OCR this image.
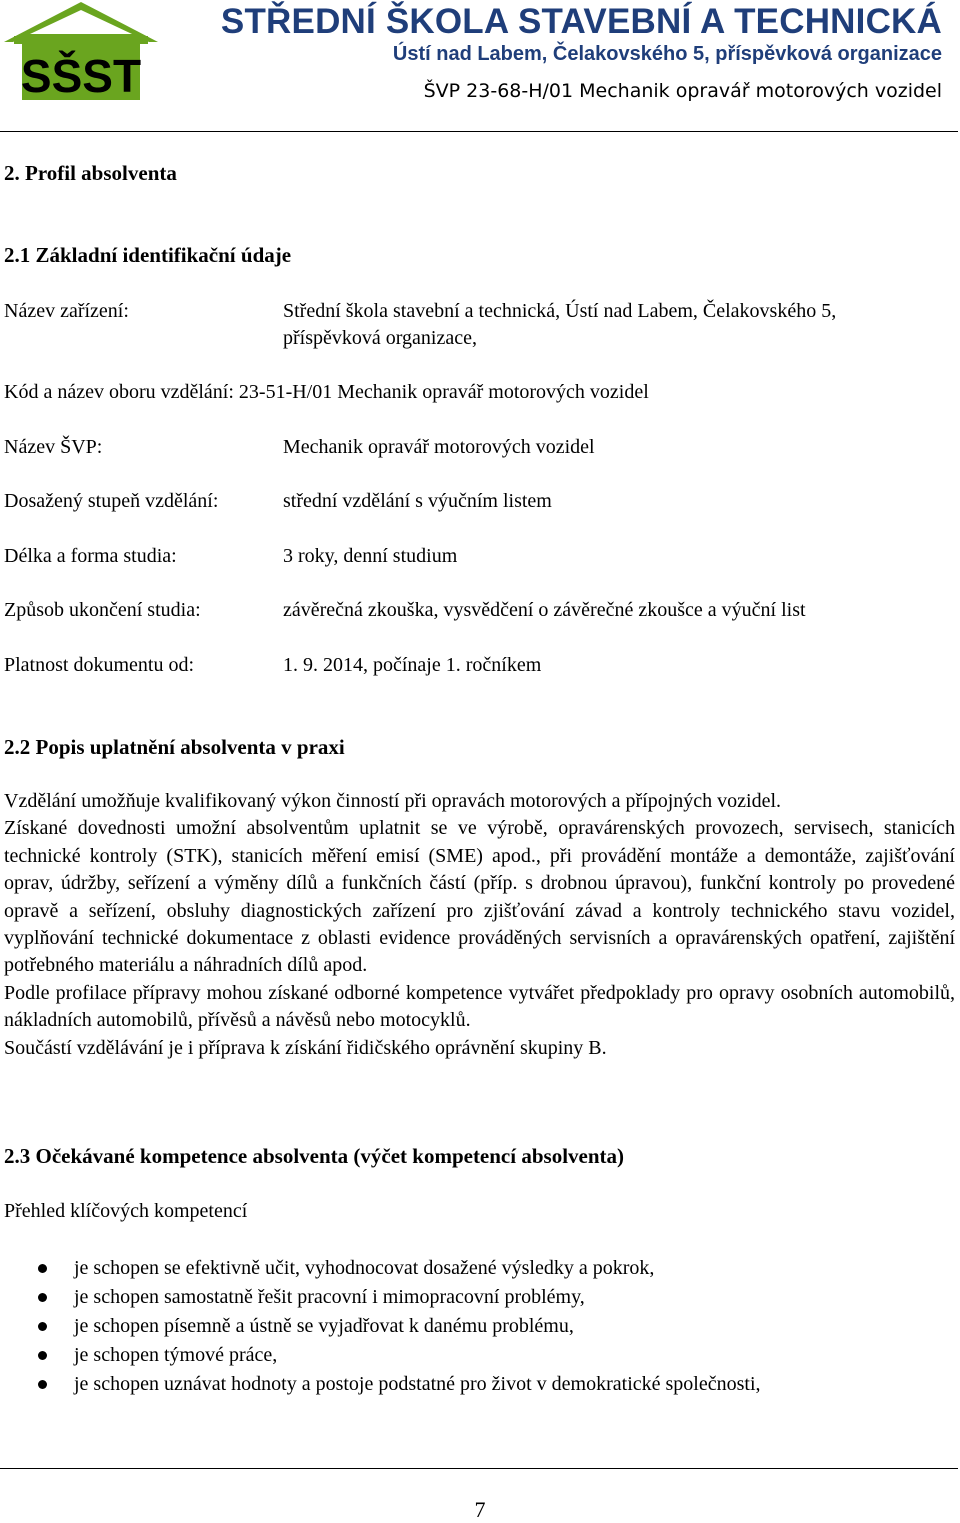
SŠST
STŘEDNÍ ŠKOLA STAVEBNÍ A TECHNICKÁ
Ústí nad Labem, Čelakovského 5, příspěvková organizace
ŠVP 23-68-H/01 Mechanik opravář motorových vozidel
2. Profil absolventa
2.1 Základní identifikační údaje
Název zařízení:	Střední škola stavební a technická, Ústí nad Labem, Čelakovského 5,
příspěvková organizace,
Kód a název oboru vzdělání: 23-51-H/01 Mechanik opravář motorových vozidel
Název ŠVP:	Mechanik opravář motorových vozidel
Dosažený stupeň vzdělání:	střední vzdělání s výučním listem
Délka a forma studia:	3 roky, denní studium
Způsob ukončení studia:	závěrečná zkouška, vysvědčení o závěrečné zkoušce a výuční list
Platnost dokumentu od:	1. 9. 2014, počínaje 1. ročníkem
2.2 Popis uplatnění absolventa v praxi

Vzdělání umožňuje kvalifikovaný výkon činností při opravách motorových a přípojných vozidel.

Získané dovednosti umožní absolventům uplatnit se ve výrobě, opravárenských provozech, servisech, stanicích technické kontroly (STK), stanicích měření emisí (SME) apod., při provádění montáže a demontáže, zajišťování oprav, údržby, seřízení a výměny dílů a funkčních částí (příp. s drobnou úpravou), funkční kontroly po provedené opravě a seřízení, obsluhy diagnostických zařízení pro zjišťování závad a kontroly technického stavu vozidel, vyplňování technické dokumentace z oblasti evidence prováděných servisních a opravárenských opatření, zajištění potřebného materiálu a náhradních dílů apod.

Podle profilace přípravy mohou získané odborné kompetence vytvářet předpoklady pro opravy osobních automobilů, nákladních automobilů, přívěsů a návěsů nebo motocyklů.

Součástí vzdělávání je i příprava k získání řidičského oprávnění skupiny B.

2.3 Očekávané kompetence absolventa (výčet kompetencí absolventa)
Přehled klíčových kompetencí
je schopen se efektivně učit, vyhodnocovat dosažené výsledky a pokrok,
je schopen samostatně řešit pracovní i mimopracovní problémy,
je schopen písemně a ústně se vyjadřovat k danému problému,
je schopen týmové práce,
je schopen uznávat hodnoty a postoje podstatné pro život v demokratické společnosti,
7
